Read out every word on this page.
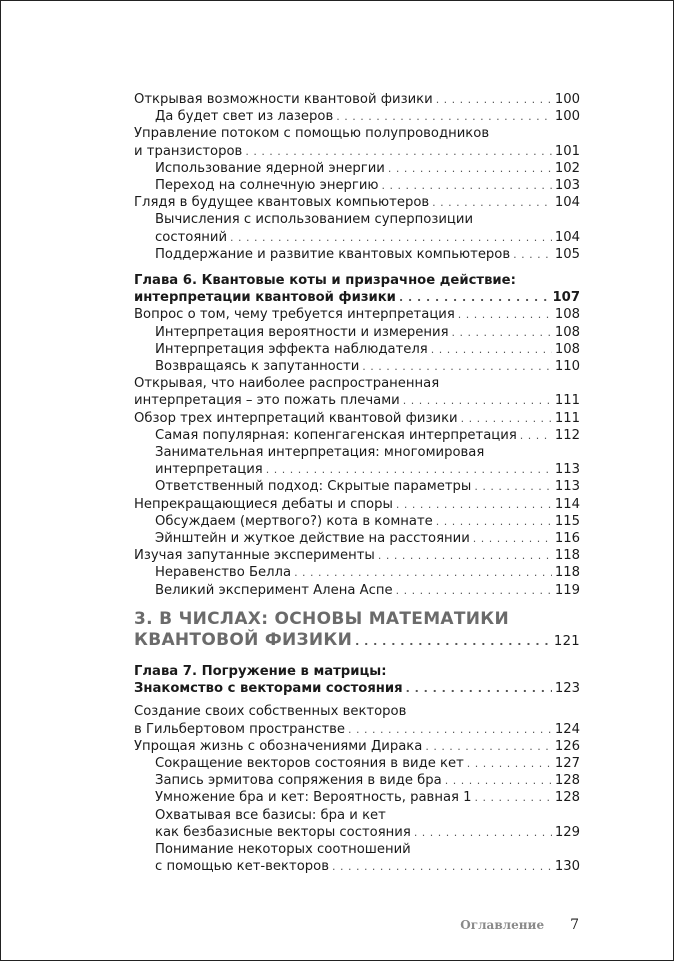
Открывая возможности квантовой физики . . .	100
Да будет свет из лазеров . . .	100
Управление потоком с помощью полупроводников
и транзисторов . . .	101
Использование ядерной энергии . . .	102
Переход на солнечную энергию . . .	103
Глядя в будущее квантовых компьютеров . . .	104
Вычисления с использованием суперпозиции
состояний . . .	104
Поддержание и развитие квантовых компьютеров . . .	105
Глава 6. Квантовые коты и призрачное действие:
интерпретации квантовой физики . . .	107
Вопрос о том, чему требуется интерпретация . . .	108
Интерпретация вероятности и измерения . . .	108
Интерпретация эффекта наблюдателя . . .	108
Возвращаясь к запутанности . . .	110
Открывая, что наиболее распространенная
интерпретация – это пожать плечами . . .	111
Обзор трех интерпретаций квантовой физики . . .	111
Самая популярная: копенгагенская интерпретация . . .	112
Занимательная интерпретация: многомировая
интерпретация . . .	113
Ответственный подход: Скрытые параметры . . .	113
Непрекращающиеся дебаты и споры . . .	114
Обсуждаем (мертвого?) кота в комнате . . .	115
Эйнштейн и жуткое действие на расстоянии . . .	116
Изучая запутанные эксперименты . . .	118
Неравенство Белла . . .	118
Великий эксперимент Алена Аспе . . .	119
3. В ЧИСЛАХ: ОСНОВЫ МАТЕМАТИКИ
КВАНТОВОЙ ФИЗИКИ . . .	121
Глава 7. Погружение в матрицы:
Знакомство с векторами состояния . . .	123
Создание своих собственных векторов
в Гильбертовом пространстве . . .	124
Упрощая жизнь с обозначениями Дирака . . .	126
Сокращение векторов состояния в виде кет . . .	127
Запись эрмитова сопряжения в виде бра . . .	128
Умножение бра и кет: Вероятность, равная 1 . . .	128
Охватывая все базисы: бра и кет
как безбазисные векторы состояния . . .	129
Понимание некоторых соотношений
с помощью кет-векторов . . .	130
Оглавление 7
